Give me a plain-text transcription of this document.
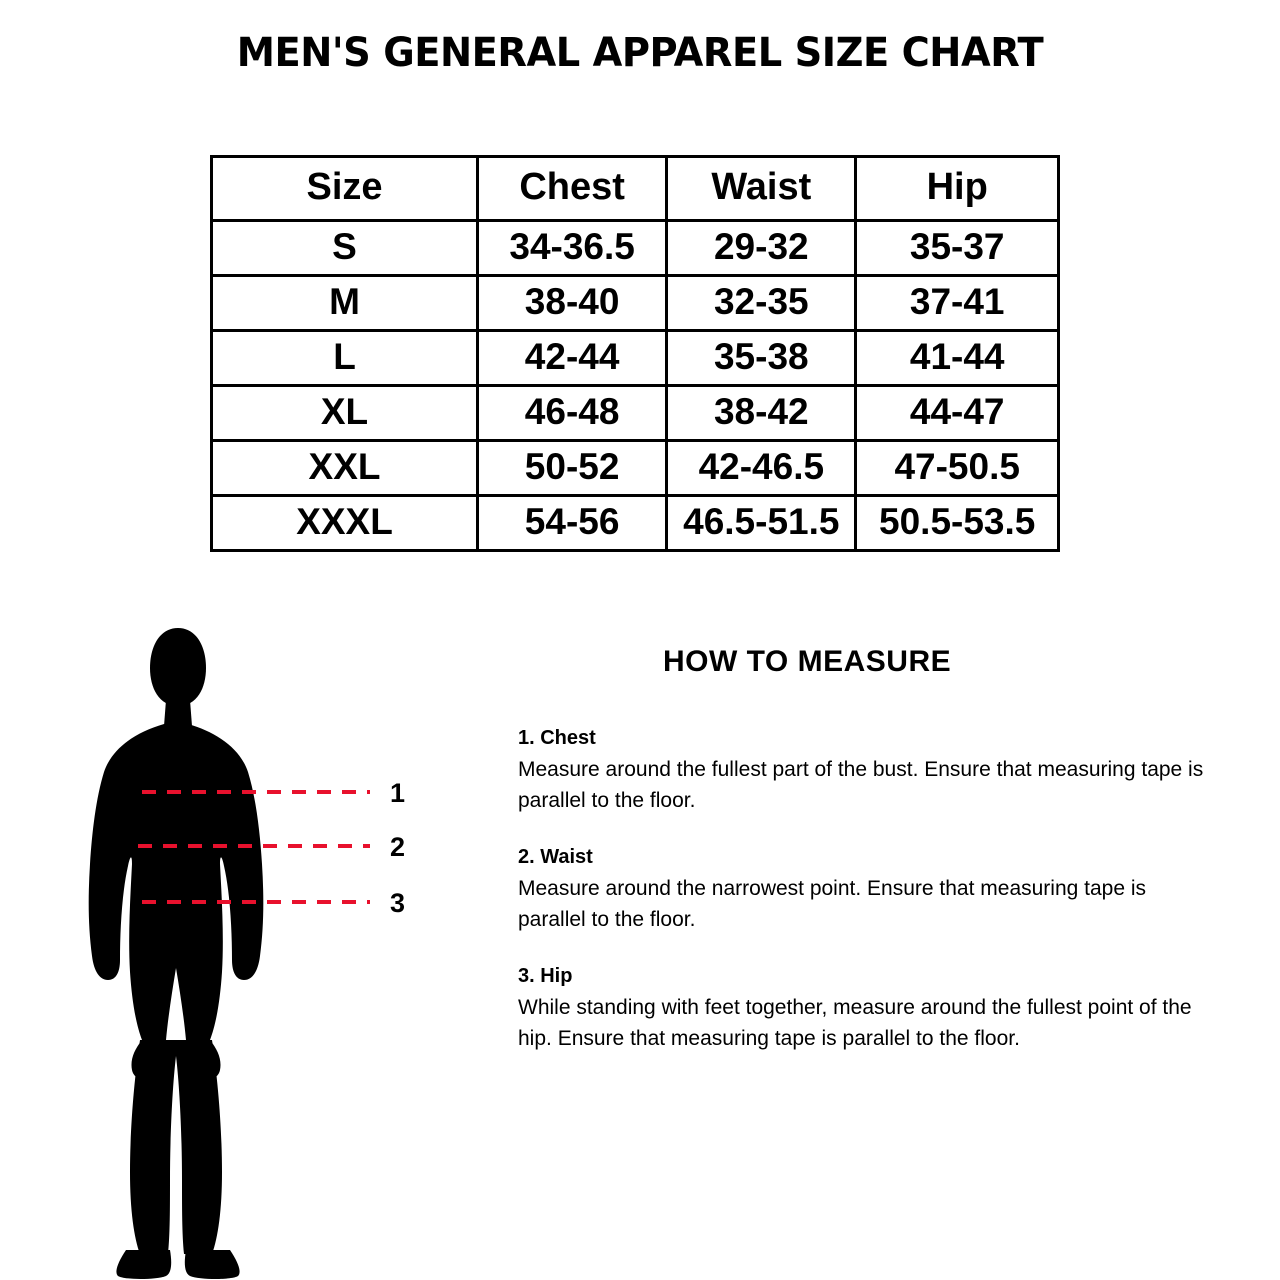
MEN'S GENERAL APPAREL SIZE CHART
Size	Chest	Waist	Hip
S	34-36.5	29-32	35-37
M	38-40	32-35	37-41
L	42-44	35-38	41-44
XL	46-48	38-42	44-47
XXL	50-52	42-46.5	47-50.5
XXXL	54-56	46.5-51.5	50.5-53.5
1
2
3
HOW TO MEASURE

1. Chest

Measure around the fullest part of the bust. Ensure that measuring tape is parallel to the floor.

2. Waist

Measure around the narrowest point. Ensure that measuring tape is parallel to the floor.

3. Hip

While standing with feet together, measure around the fullest point of the hip. Ensure that measuring tape is parallel to the floor.
